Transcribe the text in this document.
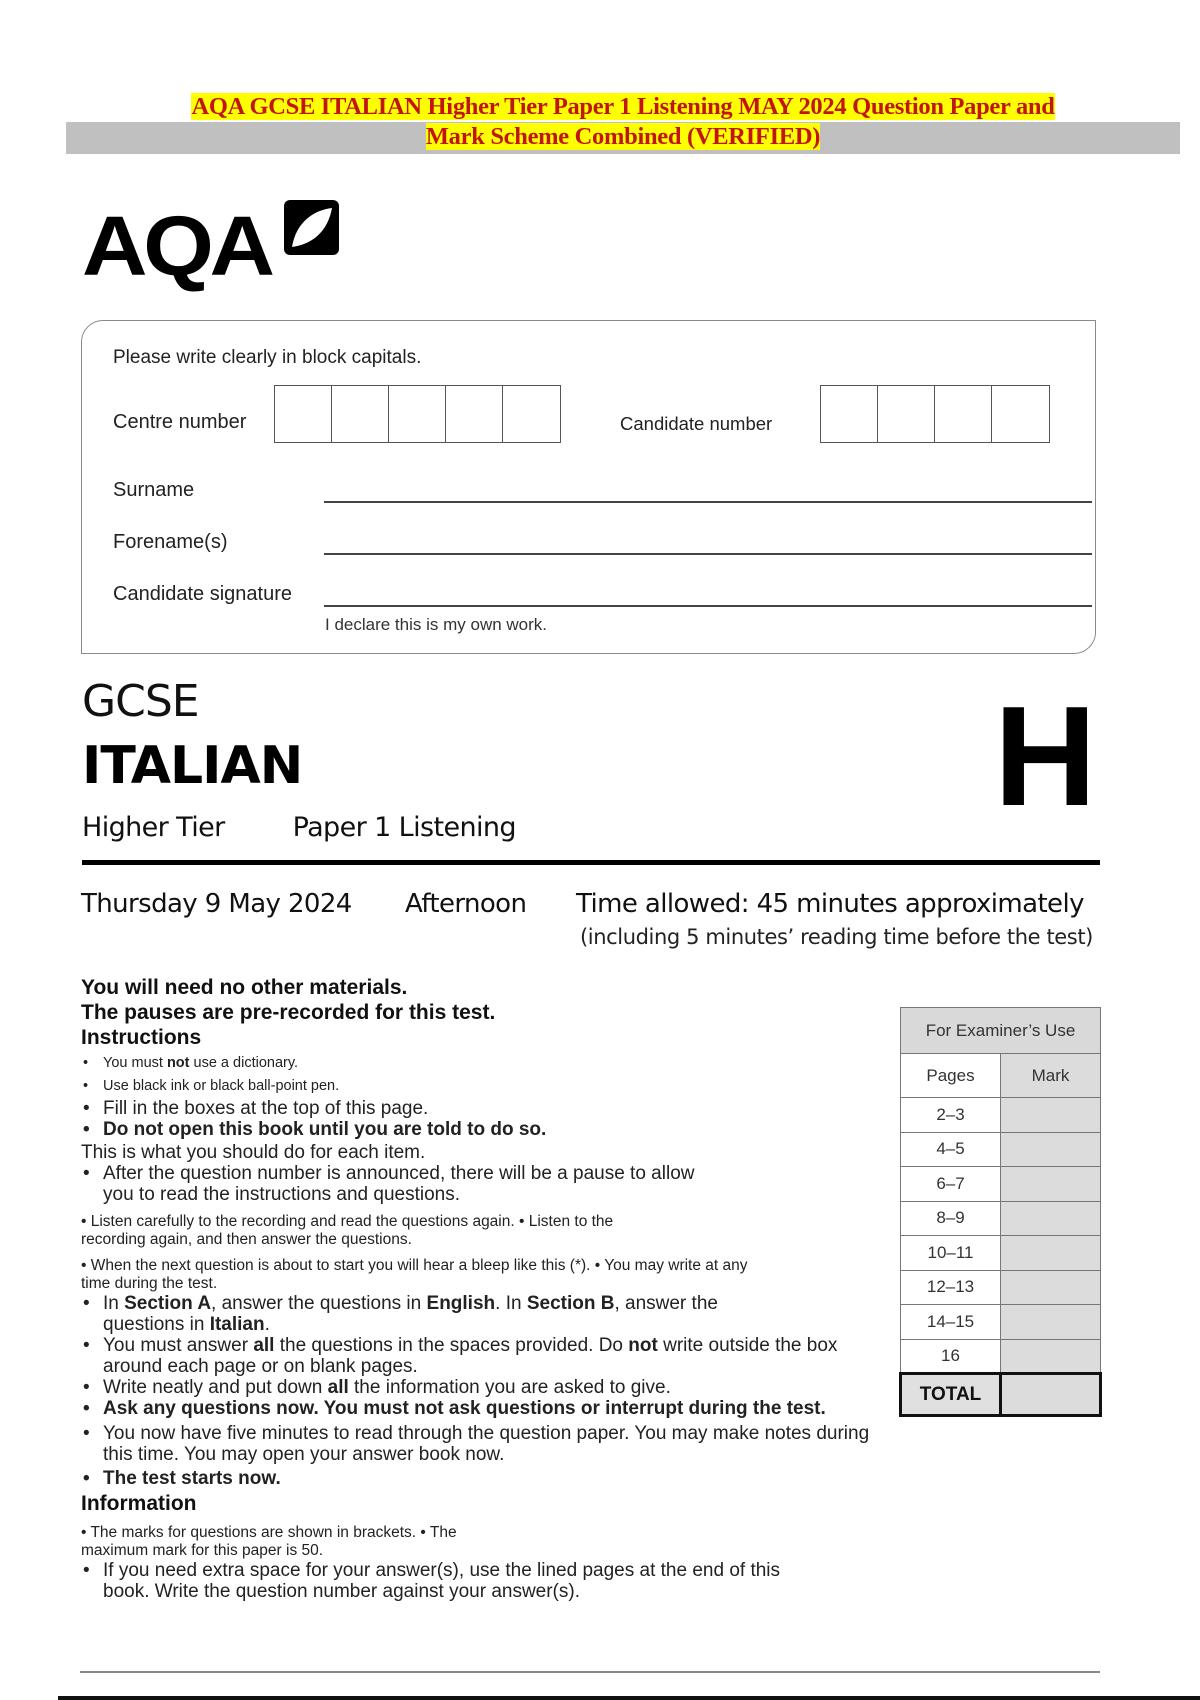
AQA GCSE ITALIAN Higher Tier Paper 1 Listening MAY 2024 Question Paper and
Mark Scheme Combined (VERIFIED)
AQA
Please write clearly in block capitals.
Centre number	Candidate number
Surname
Forename(s)
Candidate signature
I declare this is my own work.
GCSE
ITALIAN
Higher Tier	Paper 1 Listening	H
Thursday 9 May 2024 Afternoon Time allowed: 45 minutes approximately
(including 5 minutes’ reading time before the test)
You will need no other materials.
The pauses are pre-recorded for this test.
Instructions
• You must not use a dictionary.
• Use black ink or black ball-point pen.
• Fill in the boxes at the top of this page.
• Do not open this book until you are told to do so.
This is what you should do for each item.
• After the question number is announced, there will be a pause to allow you to read the instructions and questions.
• Listen carefully to the recording and read the questions again. • Listen to the recording again, and then answer the questions.
• When the next question is about to start you will hear a bleep like this (*). • You may write at any time during the test.
• In Section A, answer the questions in English. In Section B, answer the questions in Italian.
• You must answer all the questions in the spaces provided. Do not write outside the box around each page or on blank pages.
• Write neatly and put down all the information you are asked to give.
• Ask any questions now. You must not ask questions or interrupt during the test.
• You now have five minutes to read through the question paper. You may make notes during this time. You may open your answer book now.
• The test starts now.
Information
• The marks for questions are shown in brackets. • The maximum mark for this paper is 50.
• If you need extra space for your answer(s), use the lined pages at the end of this book. Write the question number against your answer(s).
For Examiner’s Use	
Pages	Mark
2–3	
4–5	
6–7	
8–9	
10–11	
12–13	
14–15	
16	
TOTAL	
